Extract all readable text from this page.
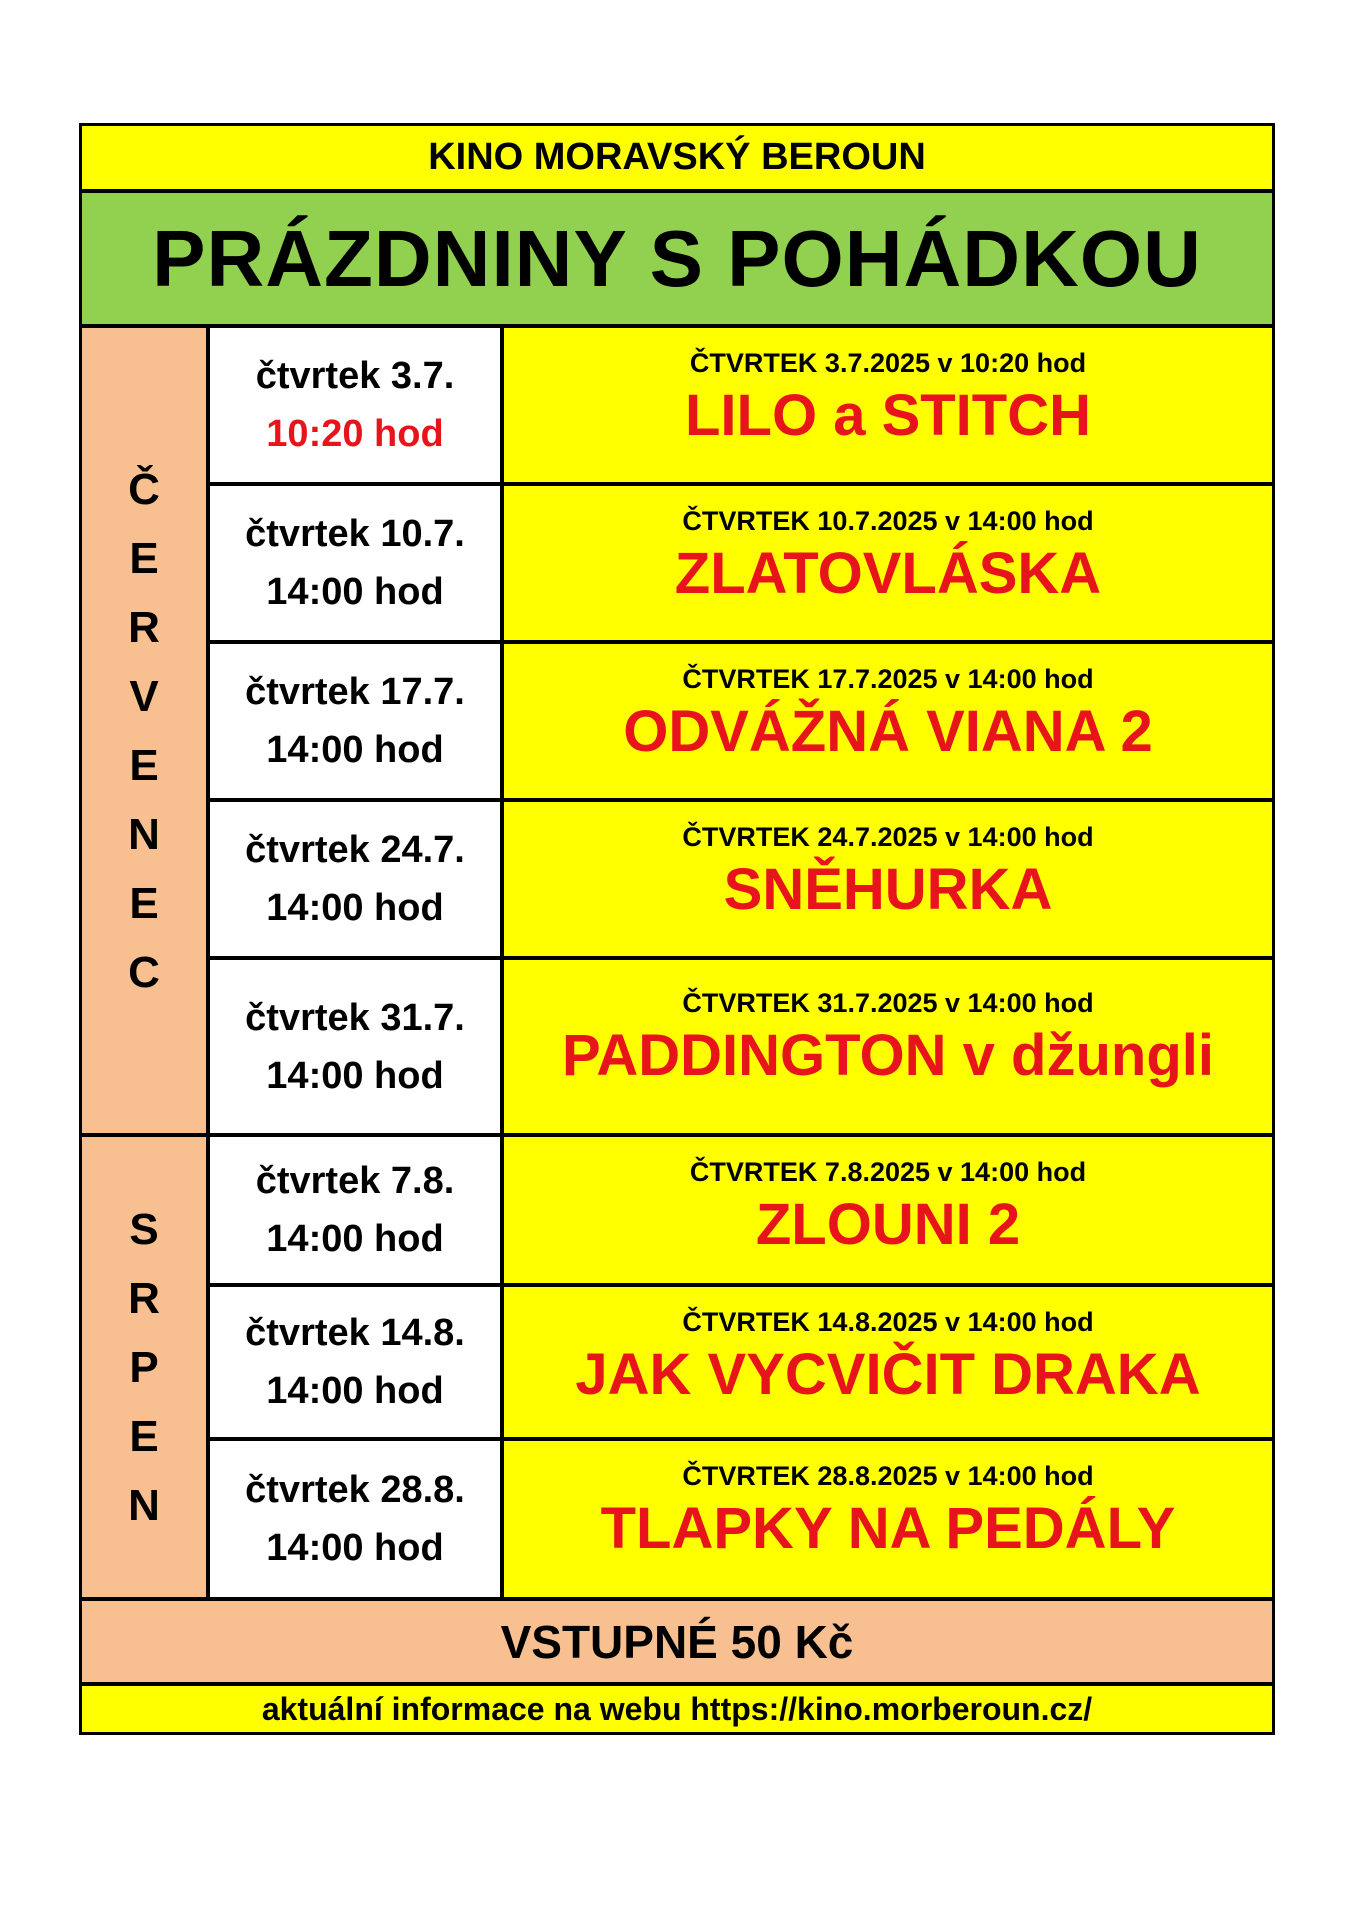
KINO MORAVSKÝ BEROUN
PRÁZDNINY S POHÁDKOU
Č
E
R
V
E
N
E
C
S
R
P
E
N
čtvrtek 3.7.
10:20 hod
ČTVRTEK 3.7.2025 v 10:20 hod
LILO a STITCH
čtvrtek 10.7.
14:00 hod
ČTVRTEK 10.7.2025 v 14:00 hod
ZLATOVLÁSKA
čtvrtek 17.7.
14:00 hod
ČTVRTEK 17.7.2025 v 14:00 hod
ODVÁŽNÁ VIANA 2
čtvrtek 24.7.
14:00 hod
ČTVRTEK 24.7.2025 v 14:00 hod
SNĚHURKA
čtvrtek 31.7.
14:00 hod
ČTVRTEK 31.7.2025 v 14:00 hod
PADDINGTON v džungli
čtvrtek 7.8.
14:00 hod
ČTVRTEK 7.8.2025 v 14:00 hod
ZLOUNI 2
čtvrtek 14.8.
14:00 hod
ČTVRTEK 14.8.2025 v 14:00 hod
JAK VYCVIČIT DRAKA
čtvrtek 28.8.
14:00 hod
ČTVRTEK 28.8.2025 v 14:00 hod
TLAPKY NA PEDÁLY
VSTUPNÉ 50 Kč
aktuální informace na webu https://kino.morberoun.cz/
